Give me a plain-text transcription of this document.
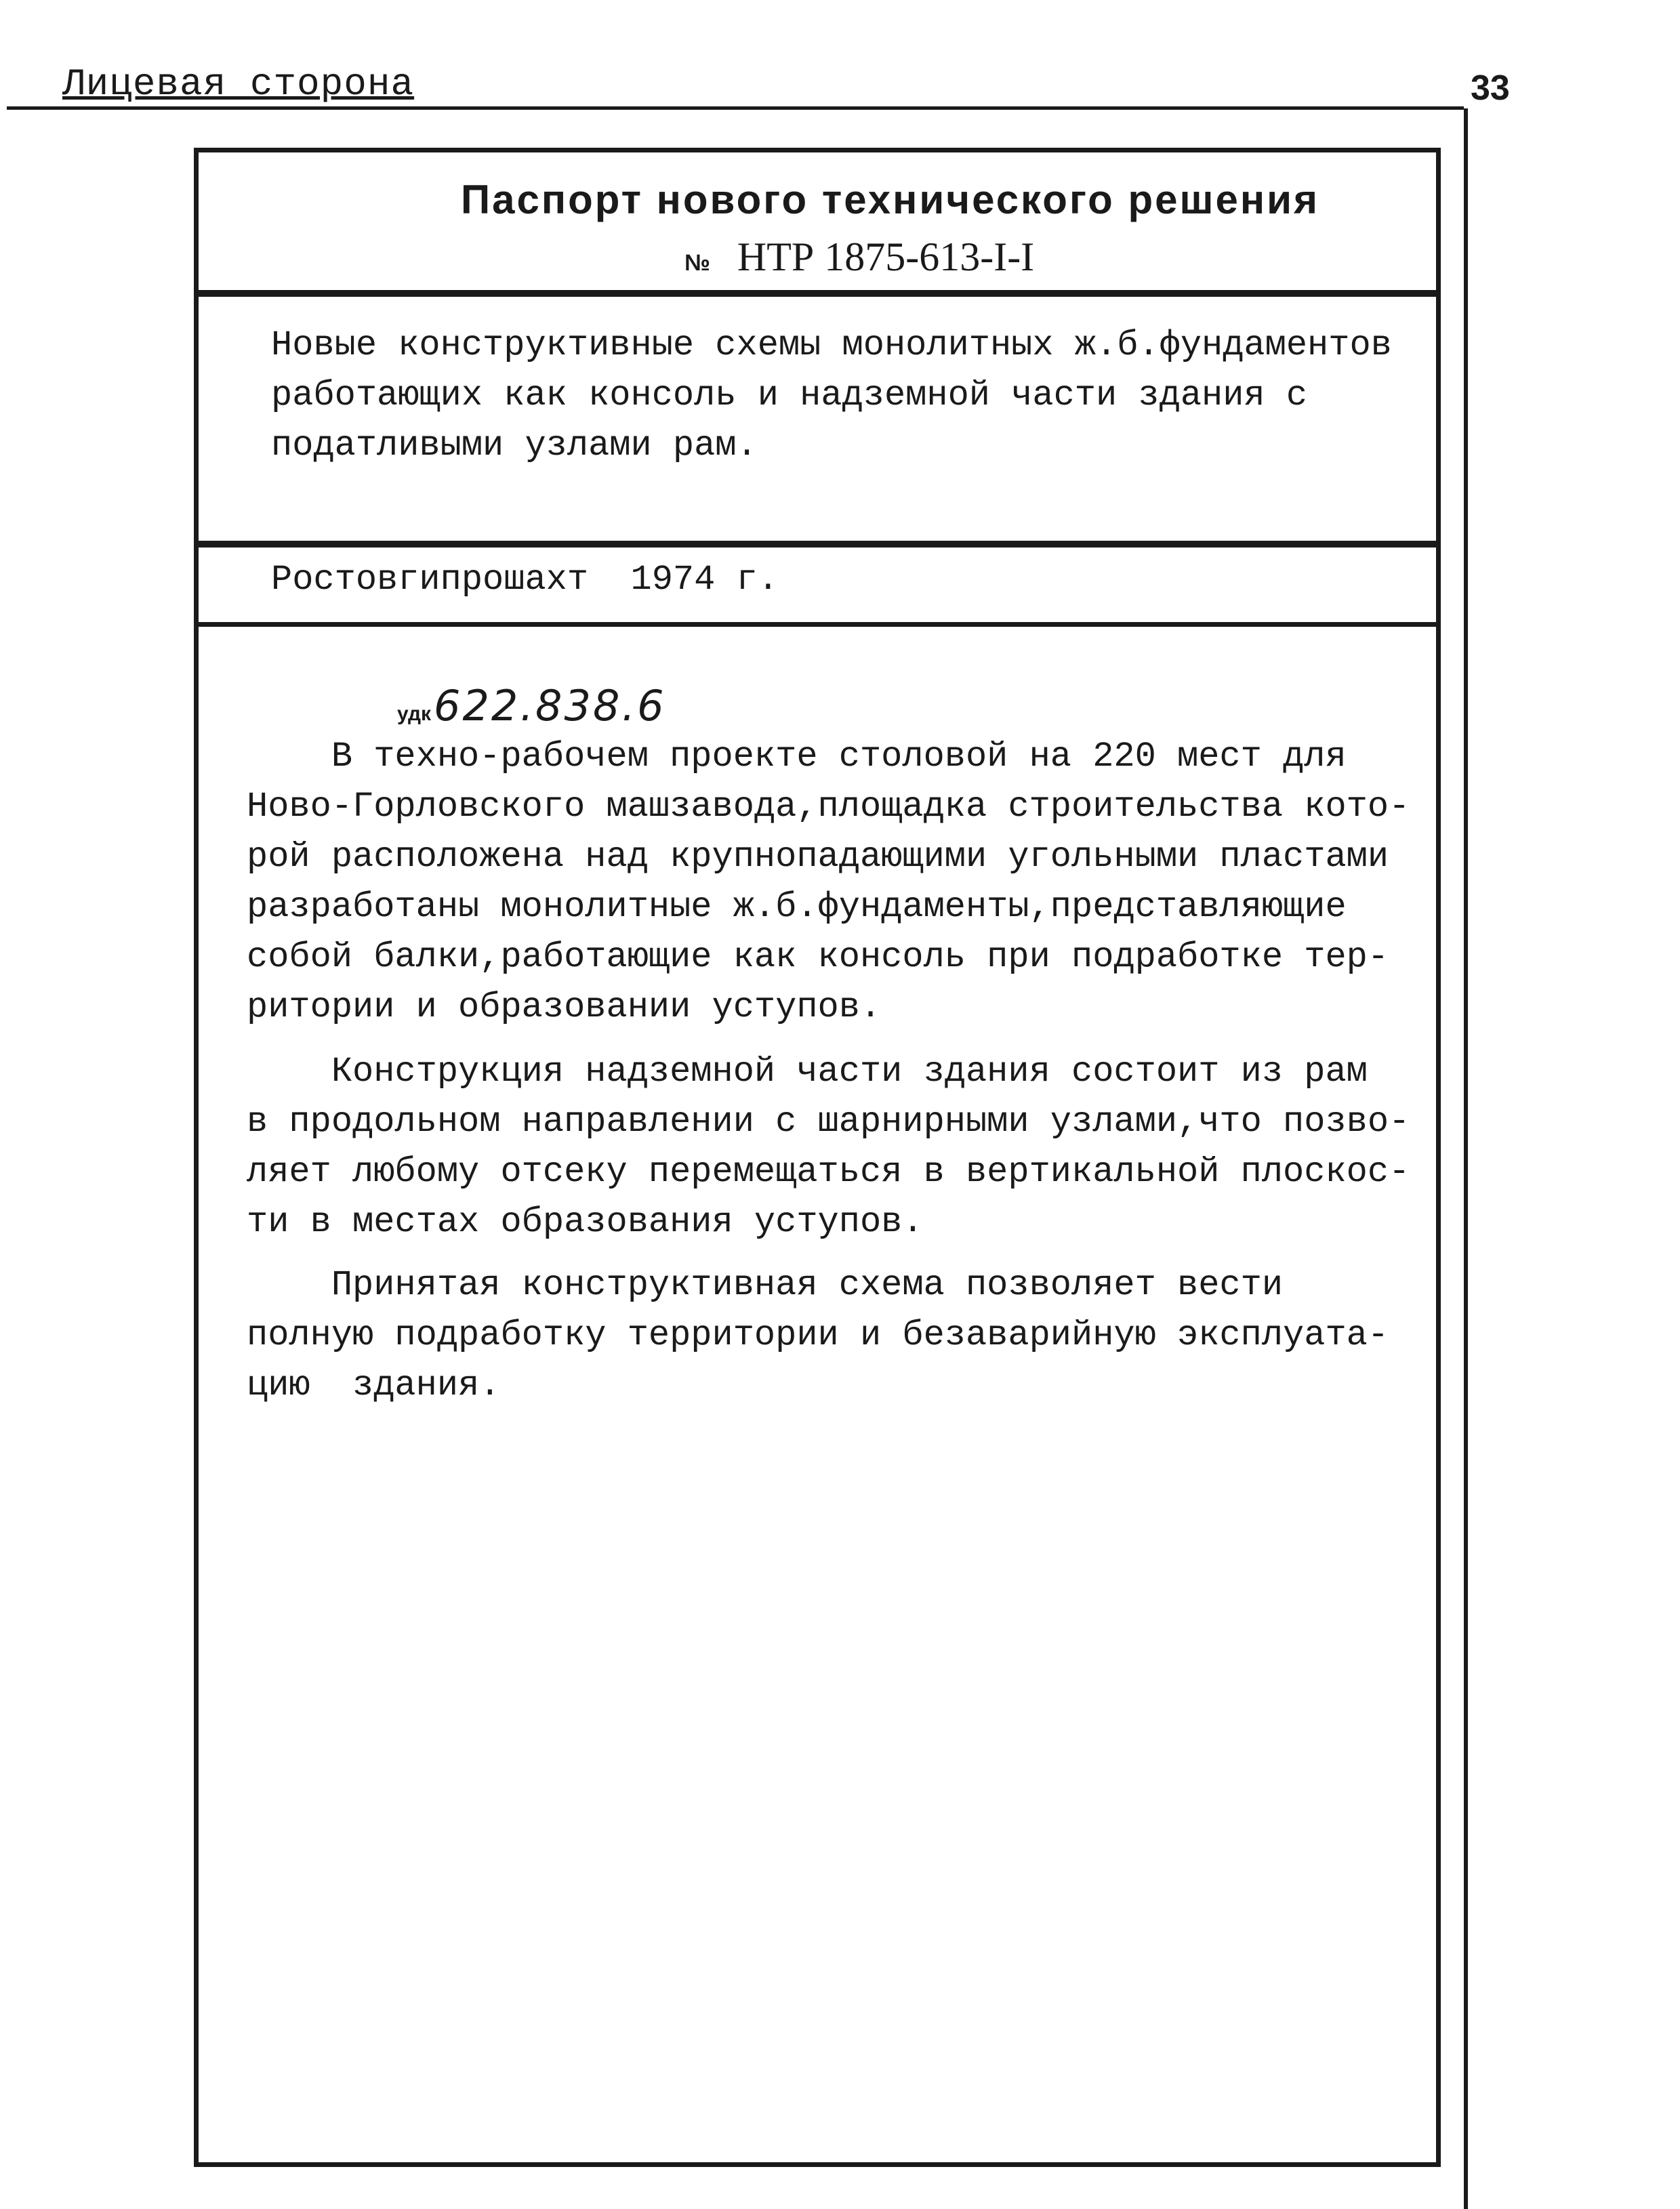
Лицевая сторона	33
Паспорт нового технического решения
№ НТР 1875-613-I-I
Новые конструктивные схемы монолитных ж.б.фундаментов
работающих как консоль и надземной части здания с
податливыми узлами рам.
Ростовгипрошахт  1974 г.
удк622.838.6
В техно-рабочем проекте столовой на 220 мест для
Ново-Горловского машзавода,площадка строительства кото-
рой расположена над крупнопадающими угольными пластами
разработаны монолитные ж.б.фундаменты,представляющие
собой балки,работающие как консоль при подработке тер-
ритории и образовании уступов.
Конструкция надземной части здания состоит из рам
в продольном направлении с шарнирными узлами,что позво-
ляет любому отсеку перемещаться в вертикальной плоскос-
ти в местах образования уступов.
Принятая конструктивная схема позволяет вести
полную подработку территории и безаварийную эксплуата-
цию  здания.
